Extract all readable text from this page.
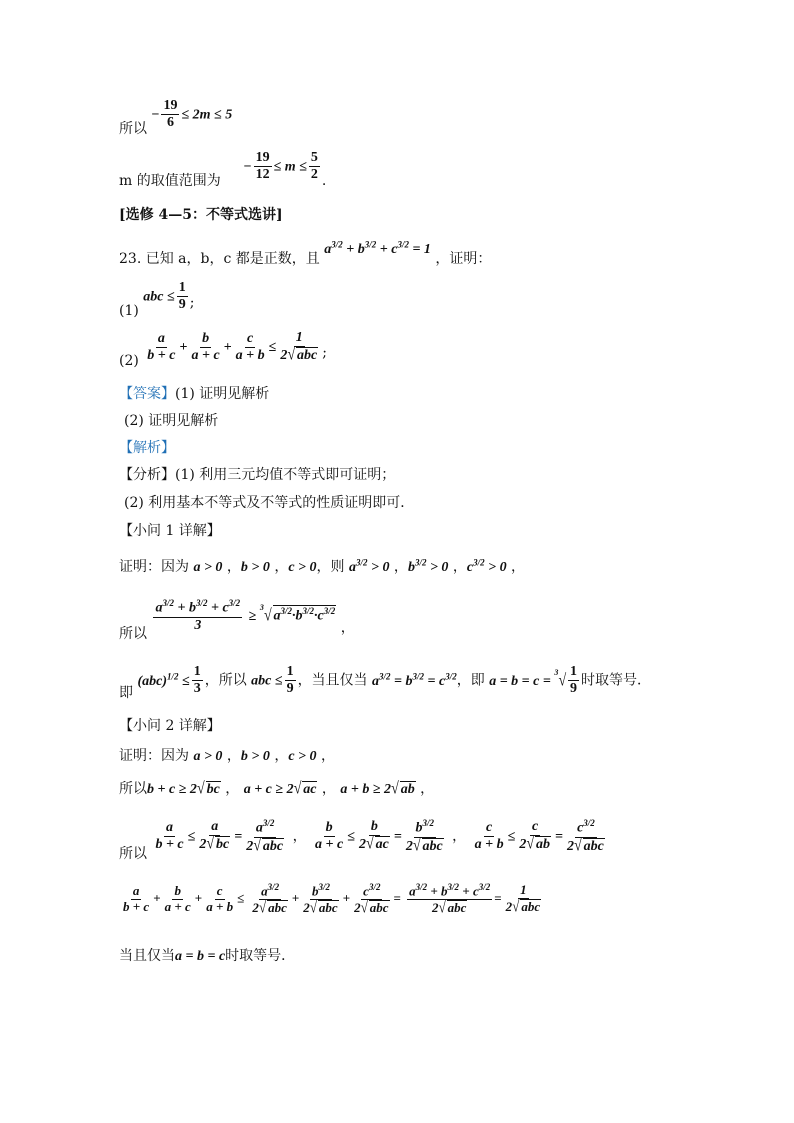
所以 − $\frac{19}{6} \le 2m \le 5$
m 的取值范围为  − $\frac{19}{12} \le m \le \frac{5}{2}$ .
[选修 4—5：不等式选讲]
23. 已知 a，b，c 都是正数，且 $a^{3/2} + b^{3/2} + c^{3/2} = 1$ ，证明：
(1) abc ≤ $\frac{1}{9}$ ;
$(2) \frac{a}{b + c} + \frac{b}{a + c} + \frac{c}{a + b}$ ≤
1
2√ abc ;
【答案】(1) 证明见解析
(2) 证明见解析
【解析】
【分析】(1) 利用三元均值不等式即可证明；
(2) 利用基本不等式及不等式的性质证明即可．
【小问 1 详解】
证明：因为 a > 0 ，b > 0 ，c > 0，则 $a^{3/2} > 0$ ，$b^{3/2} > 0$ ，$c^{3/2} > 0$ ，
所以
$\frac{a^{3/2} + b^{3/2} + c^{3/2}}{3} \ge ^3√$ $a^{3/2}\cdot b^{3/2}\cdot c^{3/2}$ ，
即 $(abc)^{1/2} \le \frac{1}{3}$ ，所以 abc ≤ $\frac{1}{9}$ ，当且仅当 $a^{3/2} = b^{3/2} = c^{3/2}$，即 $a = b = c = ^3√ \frac{1}{9}$ 时取等号．
【小问 2 详解】
证明：因为 a > 0 ，b > 0 ，c > 0 ，
所以b + c ≥ 2√ bc ， a + c ≥ 2√ ac ， a + b ≥ 2√ ab ，
所以
$\frac{a}{b + c} \le \frac{a}{2√ bc}$ =
$a^{3/2}$
2√ abc
， $\frac{b}{a + c} \le \frac{b}{2√ ac}$ =
$b^{3/2}$
2√ abc
， $\frac{c}{a + b} \le \frac{c}{2√ ab}$ =
$c^{3/2}$
2√ abc
$\frac{a}{b + c} + \frac{b}{a + c} + \frac{c}{a + b} \le a^{3/2}$
2√ abc
+ $b^{3/2}$
2√ abc
+ $c^{3/2}$
2√ abc
= $a^{3/2} + b^{3/2} + c^{3/2}$
2√ abc
=
1
2√ abc
当且仅当a = b = c时取等号．
